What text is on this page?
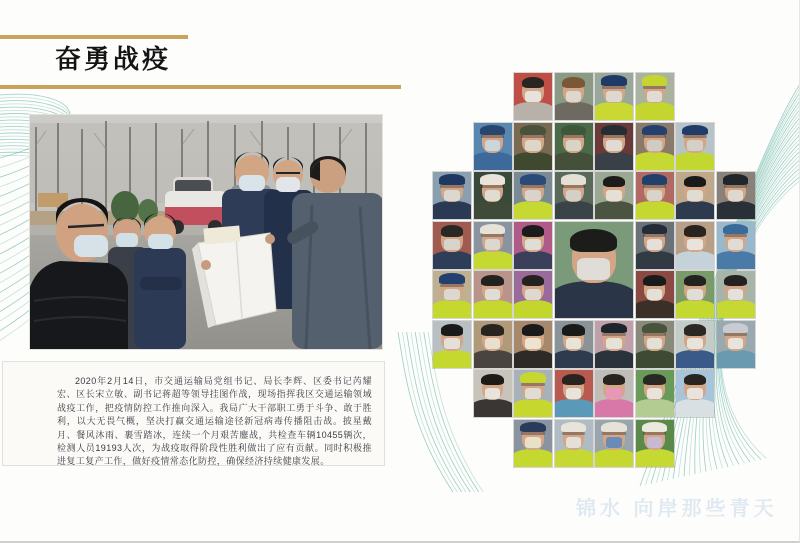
奋勇战疫

2020年2月14日，市交通运输局党组书记、局长李辉、区委书记芮耀宏、区长宋立敏、副书记蒋超等领导挂图作战，现场指挥我区交通运输领域战疫工作，把疫情防控工作推向深入。我局广大干部职工勇于斗争、敢于胜利，以大无畏气概，坚决打赢交通运输途径新冠病毒传播阻击战。披星戴月、餐风沐雨、裹雪踏冰，连续一个月艰苦鏖战，共检查车辆10455辆次，检测人员19193人次，为战疫取得阶段性胜利做出了应有贡献。同时积极推进复工复产工作，做好疫情常态化防控，确保经济持续健康发展。

锦水 向岸那些青天
